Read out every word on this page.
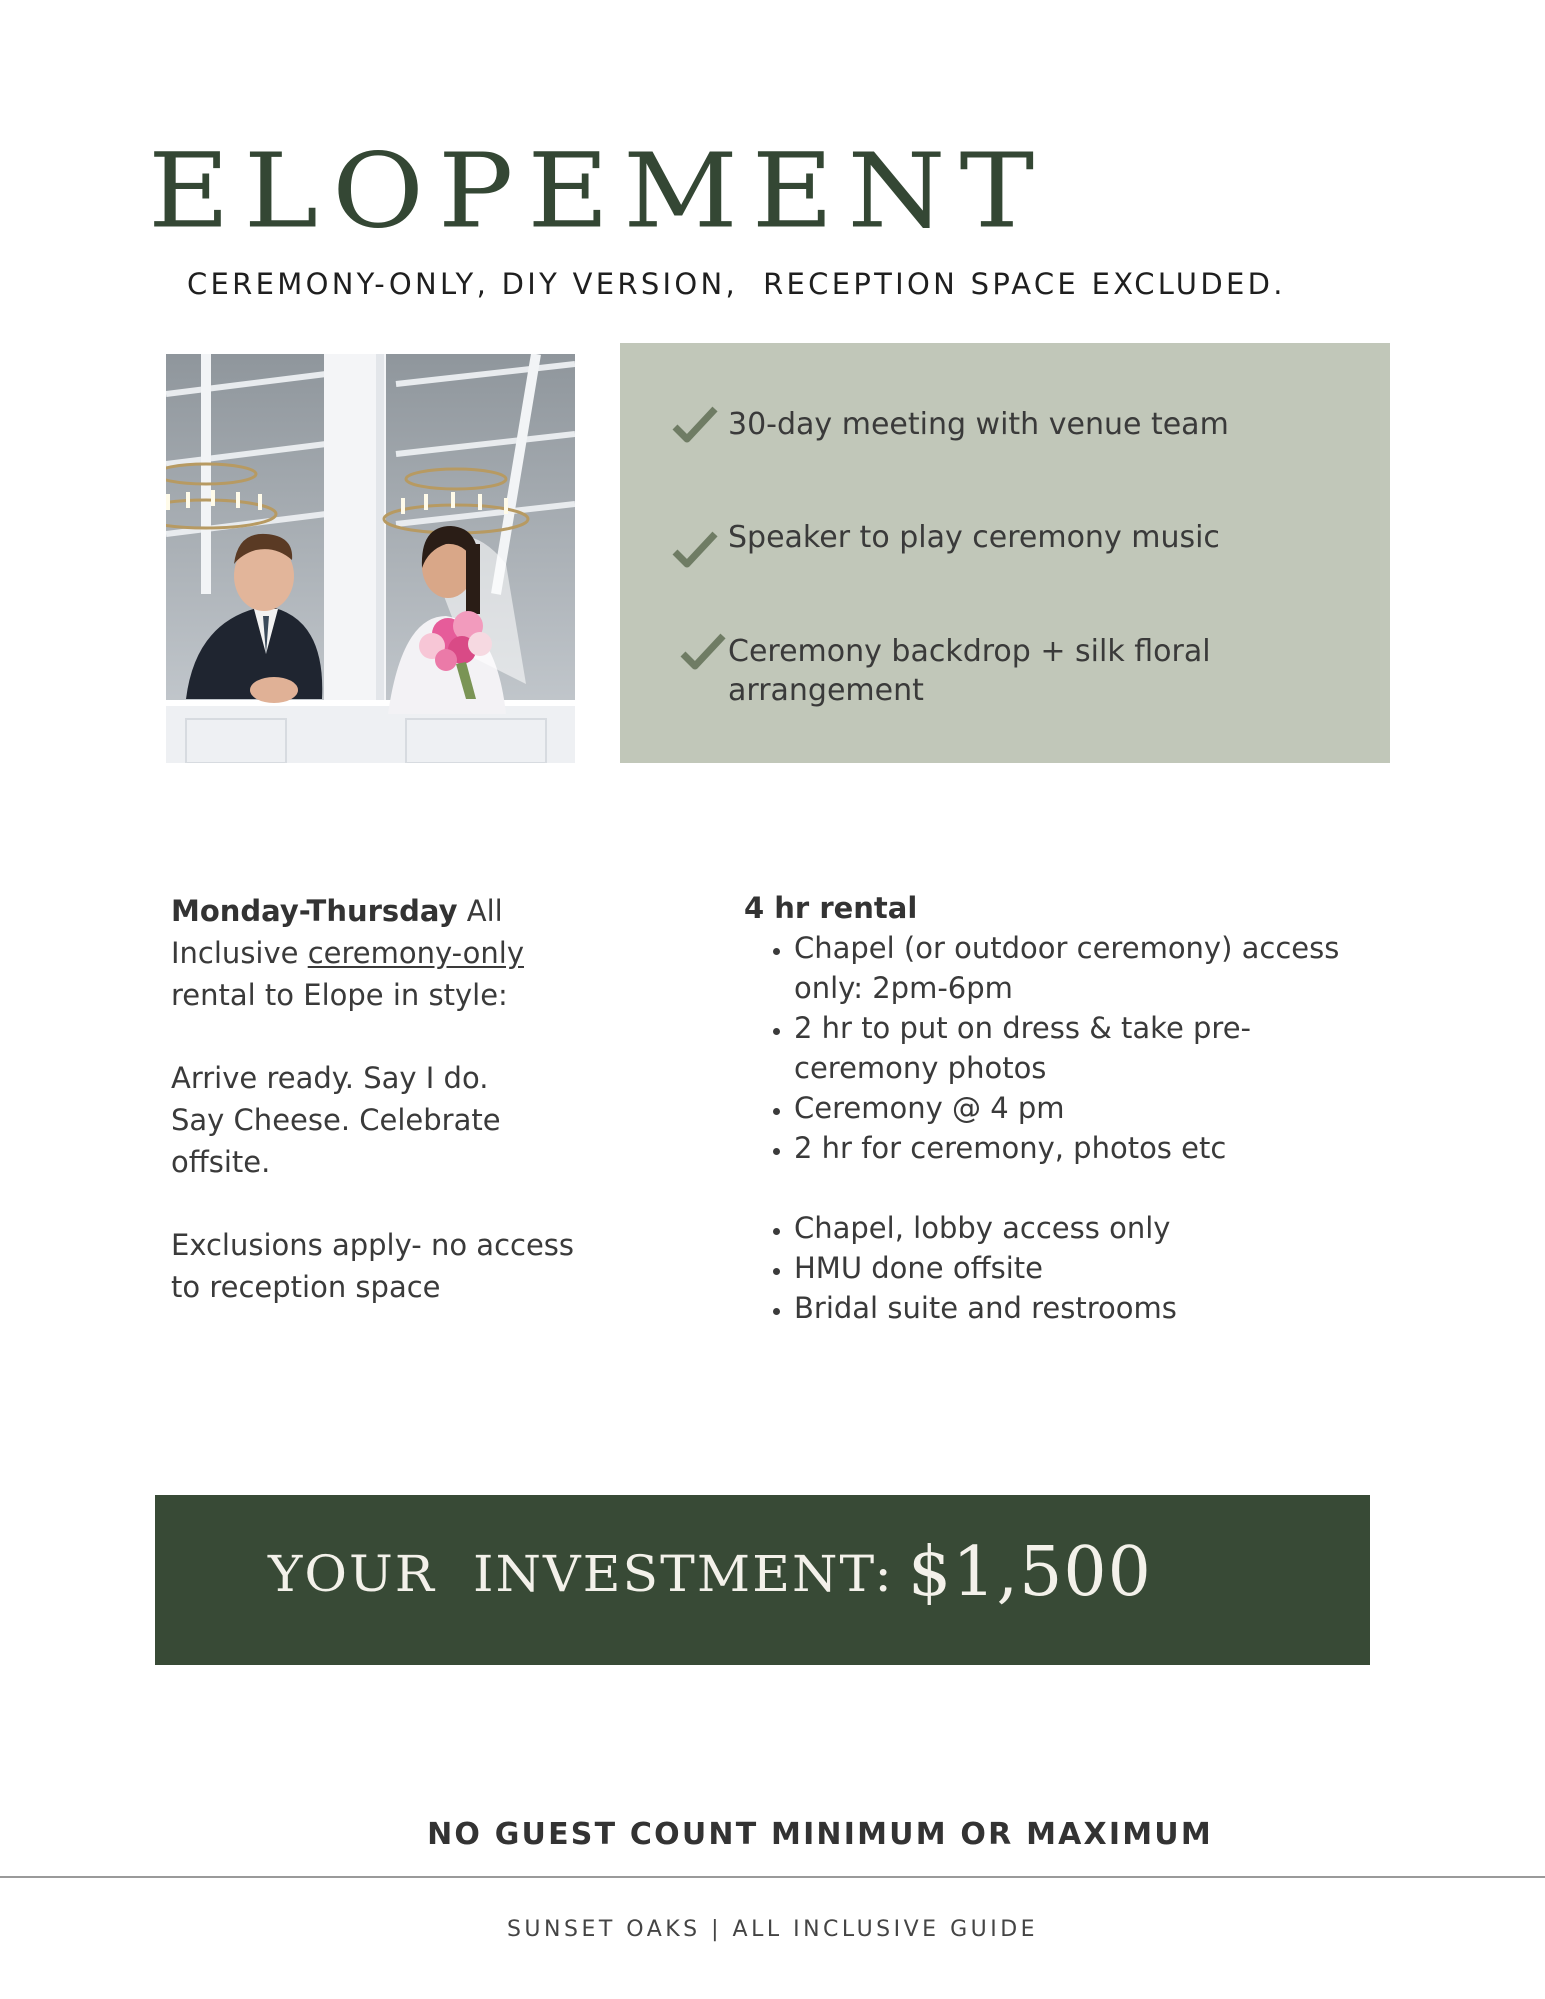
ELOPEMENT
CEREMONY-ONLY, DIY VERSION,  RECEPTION SPACE EXCLUDED.
30-day meeting with venue team
Speaker to play ceremony music
Ceremony backdrop + silk floral arrangement

Monday-Thursday All Inclusive ceremony-only rental to Elope in style:

Arrive ready. Say I do. Say Cheese. Celebrate offsite.

Exclusions apply- no access to reception space

4 hr rental
• Chapel (or outdoor ceremony) access only: 2pm-6pm
• 2 hr to put on dress & take pre-ceremony photos
• Ceremony @ 4 pm
• 2 hr for ceremony, photos etc
• Chapel, lobby access only
• HMU done offsite
• Bridal suite and restrooms
YOUR  INVESTMENT: $1,500
NO GUEST COUNT MINIMUM OR MAXIMUM
SUNSET OAKS | ALL INCLUSIVE GUIDE
